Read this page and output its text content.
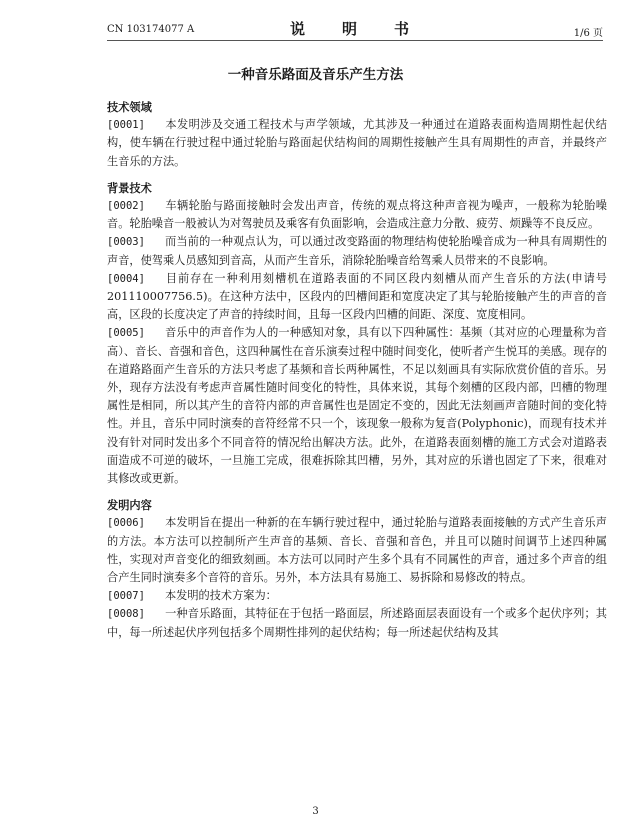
CN 103174077 A	说　明　书	1/6 页
一种音乐路面及音乐产生方法
技术领域
[0001] 本发明涉及交通工程技术与声学领域，尤其涉及一种通过在道路表面构造周期性起伏结构，使车辆在行驶过程中通过轮胎与路面起伏结构间的周期性接触产生具有周期性的声音，并最终产生音乐的方法。
背景技术
[0002] 车辆轮胎与路面接触时会发出声音，传统的观点将这种声音视为噪声，一般称为轮胎噪音。轮胎噪音一般被认为对驾驶员及乘客有负面影响，会造成注意力分散、疲劳、烦躁等不良反应。
[0003] 而当前的一种观点认为，可以通过改变路面的物理结构使轮胎噪音成为一种具有周期性的声音，使驾乘人员感知到音高，从而产生音乐，消除轮胎噪音给驾乘人员带来的不良影响。
[0004] 目前存在一种利用刻槽机在道路表面的不同区段内刻槽从而产生音乐的方法(申请号 201110007756.5)。在这种方法中，区段内的凹槽间距和宽度决定了其与轮胎接触产生的声音的音高，区段的长度决定了声音的持续时间，且每一区段内凹槽的间距、深度、宽度相同。
[0005] 音乐中的声音作为人的一种感知对象，具有以下四种属性：基频（其对应的心理量称为音高）、音长、音强和音色，这四种属性在音乐演奏过程中随时间变化，使听者产生悦耳的美感。现存的在道路路面产生音乐的方法只考虑了基频和音长两种属性，不足以刻画具有实际欣赏价值的音乐。另外，现存方法没有考虑声音属性随时间变化的特性，具体来说，其每个刻槽的区段内部，凹槽的物理属性是相同，所以其产生的音符内部的声音属性也是固定不变的，因此无法刻画声音随时间的变化特性。并且，音乐中同时演奏的音符经常不只一个，该现象一般称为复音(Polyphonic)，而现有技术并没有针对同时发出多个不同音符的情况给出解决方法。此外，在道路表面刻槽的施工方式会对道路表面造成不可逆的破坏，一旦施工完成，很难拆除其凹槽，另外，其对应的乐谱也固定了下来，很难对其修改或更新。
发明内容
[0006] 本发明旨在提出一种新的在车辆行驶过程中，通过轮胎与道路表面接触的方式产生音乐声的方法。本方法可以控制所产生声音的基频、音长、音强和音色，并且可以随时间调节上述四种属性，实现对声音变化的细致刻画。本方法可以同时产生多个具有不同属性的声音，通过多个声音的组合产生同时演奏多个音符的音乐。另外，本方法具有易施工、易拆除和易修改的特点。
[0007] 本发明的技术方案为：
[0008] 一种音乐路面，其特征在于包括一路面层，所述路面层表面设有一个或多个起伏序列；其中，每一所述起伏序列包括多个周期性排列的起伏结构；每一所述起伏结构及其
3
